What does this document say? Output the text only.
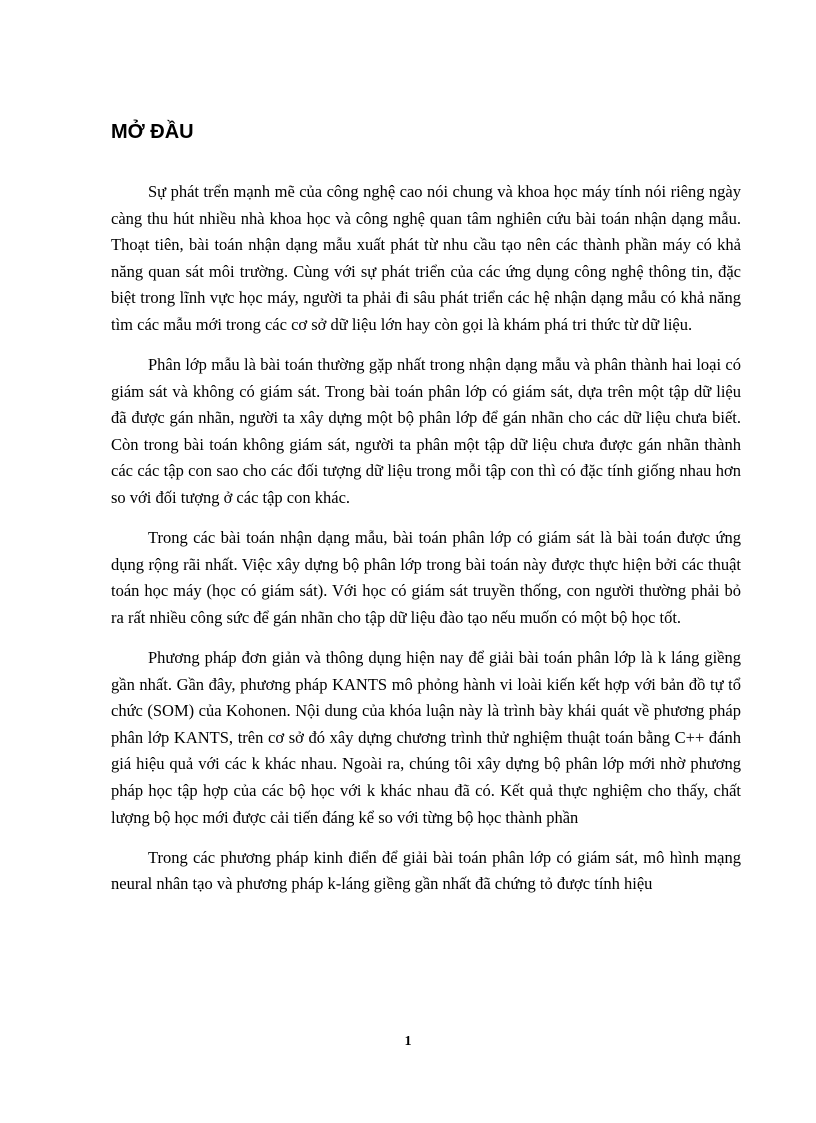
MỞ ĐẦU

Sự phát trển mạnh mẽ của công nghệ cao nói chung và khoa học máy tính nói riêng ngày càng thu hút nhiều nhà khoa học và công nghệ quan tâm nghiên cứu bài toán nhận dạng mẫu. Thoạt tiên, bài toán nhận dạng mẫu xuất phát từ nhu cầu tạo nên các thành phần máy có khả năng quan sát môi trường. Cùng với sự phát triển của các ứng dụng công nghệ thông tin, đặc biệt trong lĩnh vực học máy, người ta phải đi sâu phát triển các hệ nhận dạng mẫu có khả năng tìm các mẫu mới trong các cơ sở dữ liệu lớn hay còn gọi là khám phá tri thức từ dữ liệu.

Phân lớp mẫu là bài toán thường gặp nhất trong nhận dạng mẫu và phân thành hai loại có giám sát và không có giám sát. Trong bài toán phân lớp có giám sát, dựa trên một tập dữ liệu đã được gán nhãn, người ta xây dựng một bộ phân lớp để gán nhãn cho các dữ liệu chưa biết. Còn trong bài toán không giám sát, người ta phân một tập dữ liệu chưa được gán nhãn thành các các tập con sao cho các đối tượng dữ liệu trong mỗi tập con thì có đặc tính giống nhau hơn so với đối tượng ở các tập con khác.

Trong các bài toán nhận dạng mẫu, bài toán phân lớp có giám sát là bài toán được ứng dụng rộng rãi nhất. Việc xây dựng bộ phân lớp trong bài toán này được thực hiện bởi các thuật toán học máy (học có giám sát). Với học có giám sát truyền thống, con người thường phải bỏ ra rất nhiều công sức để gán nhãn cho tập dữ liệu đào tạo nếu muốn có một bộ học tốt.

Phương pháp đơn giản và thông dụng hiện nay để giải bài toán phân lớp là k láng giềng gần nhất. Gần đây, phương pháp KANTS mô phỏng hành vi loài kiến kết hợp với bản đồ tự tổ chức (SOM) của Kohonen. Nội dung của khóa luận này là trình bày khái quát về phương pháp phân lớp KANTS, trên cơ sở đó xây dựng chương trình thử nghiệm thuật toán bằng C++ đánh giá hiệu quả với các k khác nhau. Ngoài ra, chúng tôi xây dựng bộ phân lớp mới nhờ phương pháp học tập hợp của các bộ học với k khác nhau đã có. Kết quả thực nghiệm cho thấy, chất lượng bộ học mới được cải tiến đáng kể so với từng bộ học thành phần

Trong các phương pháp kinh điển để giải bài toán phân lớp có giám sát, mô hình mạng neural nhân tạo và phương pháp k-láng giềng gần nhất đã chứng tỏ được tính hiệu

1
